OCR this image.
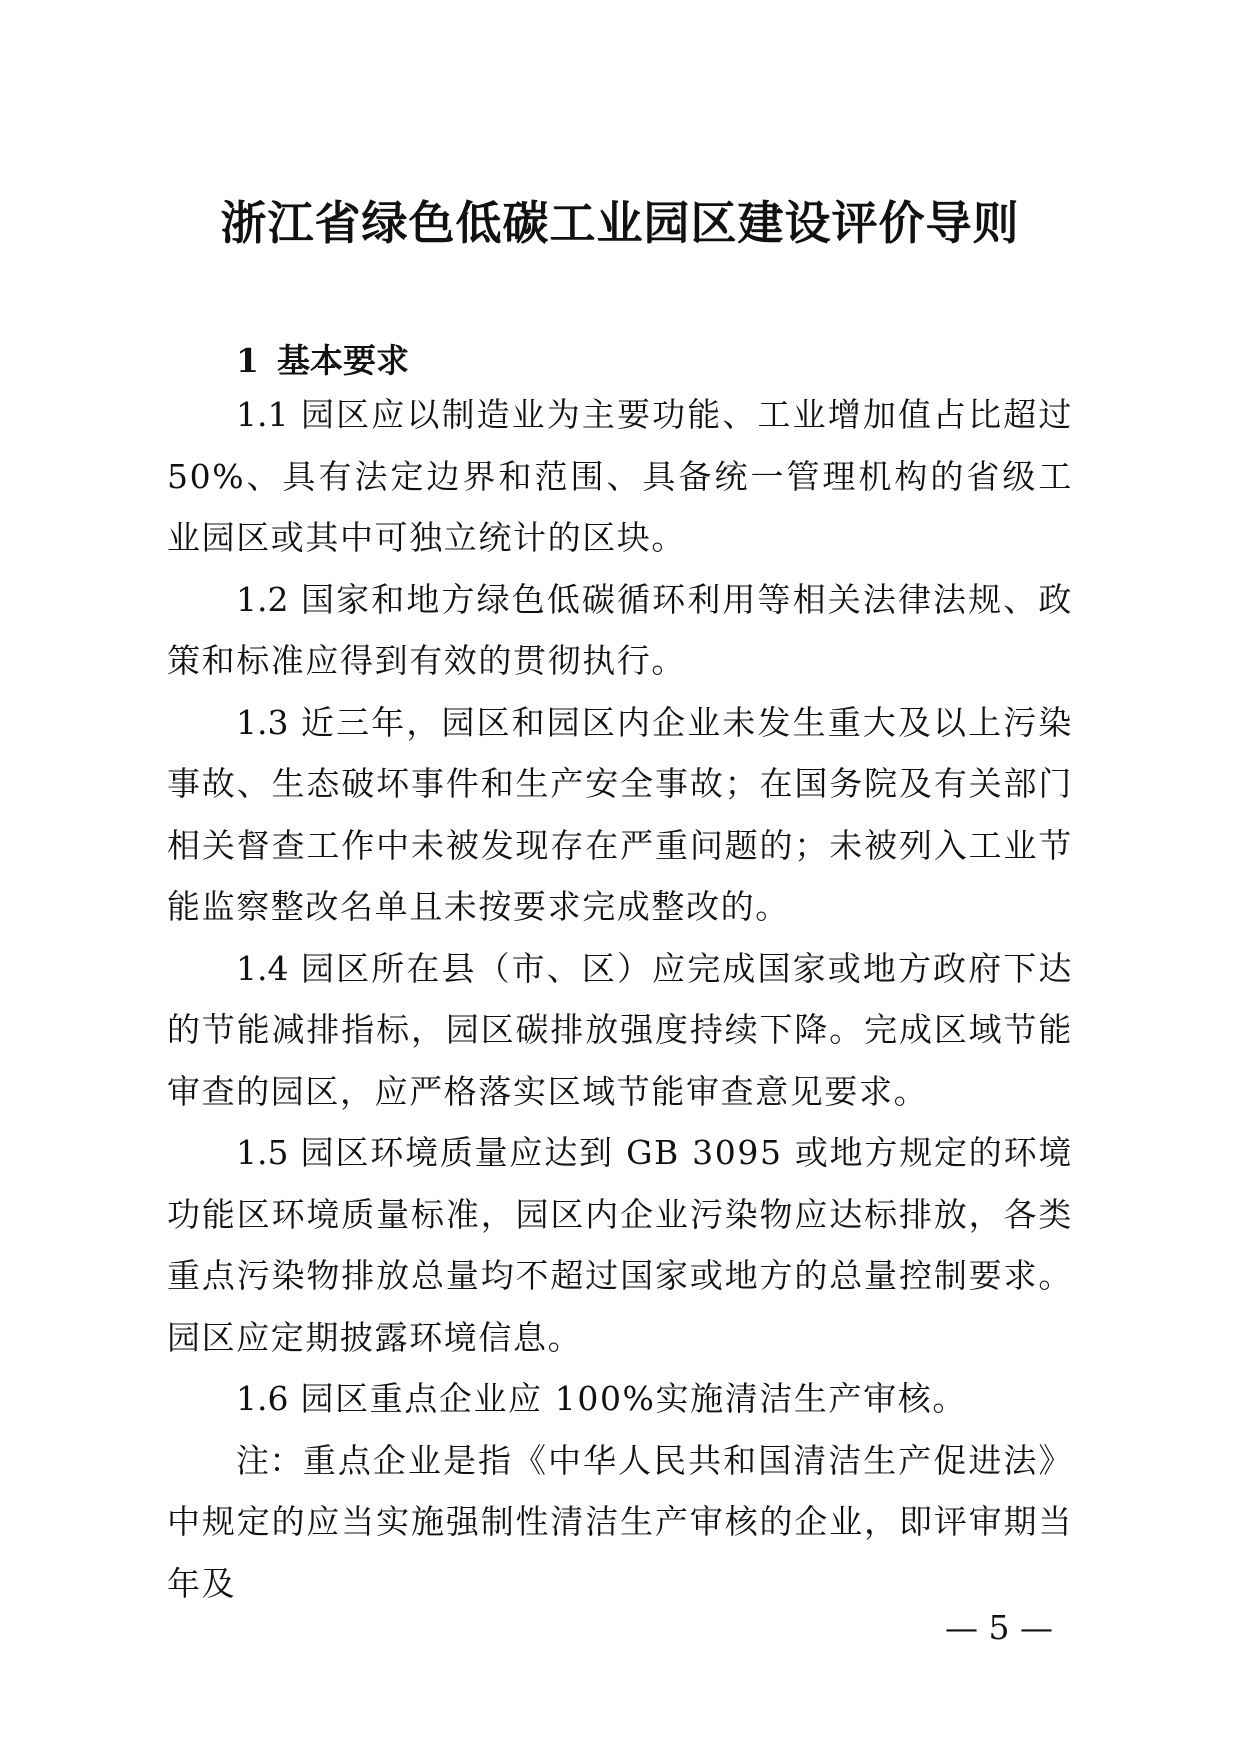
浙江省绿色低碳工业园区建设评价导则
1 基本要求

1.1 园区应以制造业为主要功能、工业增加值占比超过50%、具有法定边界和范围、具备统一管理机构的省级工业园区或其中可独立统计的区块。

1.2 国家和地方绿色低碳循环利用等相关法律法规、政策和标准应得到有效的贯彻执行。

1.3 近三年，园区和园区内企业未发生重大及以上污染事故、生态破坏事件和生产安全事故；在国务院及有关部门相关督查工作中未被发现存在严重问题的；未被列入工业节能监察整改名单且未按要求完成整改的。

1.4 园区所在县（市、区）应完成国家或地方政府下达的节能减排指标，园区碳排放强度持续下降。完成区域节能审查的园区，应严格落实区域节能审查意见要求。

1.5 园区环境质量应达到 GB 3095 或地方规定的环境功能区环境质量标准，园区内企业污染物应达标排放，各类重点污染物排放总量均不超过国家或地方的总量控制要求。园区应定期披露环境信息。

1.6 园区重点企业应 100%实施清洁生产审核。

注：重点企业是指《中华人民共和国清洁生产促进法》中规定的应当实施强制性清洁生产审核的企业，即评审期当年及

— 5 —
